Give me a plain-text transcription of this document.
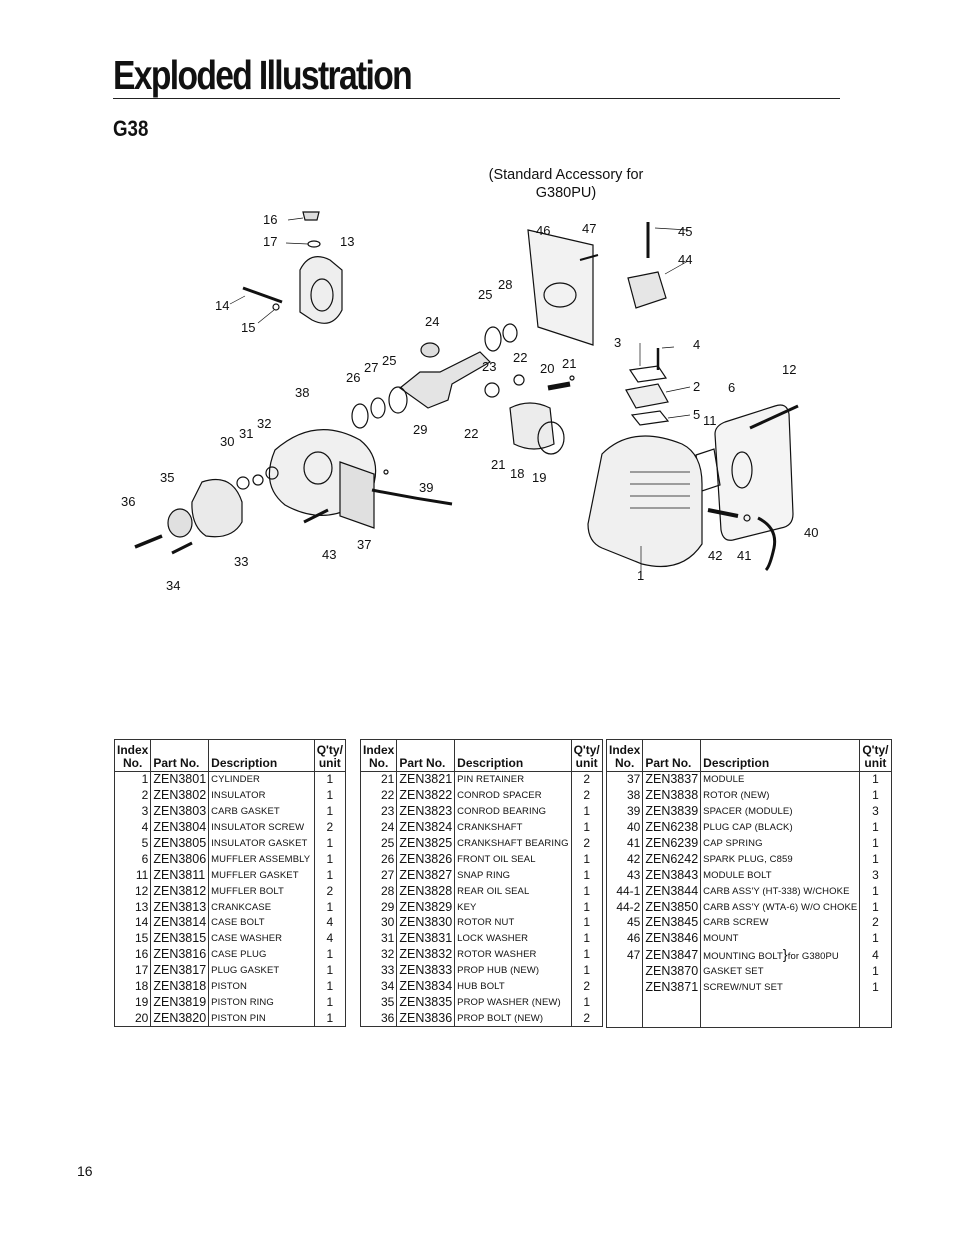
Exploded Illustration
G38
(Standard Accessory for G380PU)
16
17	13
14
15
46 47	45
44
25
28
24
22
23
3	4
2
5
6
12
11
26
27 25
20 21
38
29	22
32
31
30
35
21
18 19
36
33
34
43
37
39
1
42 41
40
Index No.	Part No.	Description	Q'ty/ unit
1	ZEN3801	CYLINDER	1
2	ZEN3802	INSULATOR	1
3	ZEN3803	CARB GASKET	1
4	ZEN3804	INSULATOR SCREW	2
5	ZEN3805	INSULATOR GASKET	1
6	ZEN3806	MUFFLER ASSEMBLY	1
11	ZEN3811	MUFFLER GASKET	1
12	ZEN3812	MUFFLER BOLT	2
13	ZEN3813	CRANKCASE	1
14	ZEN3814	CASE BOLT	4
15	ZEN3815	CASE WASHER	4
16	ZEN3816	CASE PLUG	1
17	ZEN3817	PLUG GASKET	1
18	ZEN3818	PISTON	1
19	ZEN3819	PISTON RING	1
20	ZEN3820	PISTON PIN	1
Index No.	Part No.	Description	Q'ty/ unit
21	ZEN3821	PIN RETAINER	2
22	ZEN3822	CONROD SPACER	2
23	ZEN3823	CONROD BEARING	1
24	ZEN3824	CRANKSHAFT	1
25	ZEN3825	CRANKSHAFT BEARING	2
26	ZEN3826	FRONT OIL SEAL	1
27	ZEN3827	SNAP RING	1
28	ZEN3828	REAR OIL SEAL	1
29	ZEN3829	KEY	1
30	ZEN3830	ROTOR NUT	1
31	ZEN3831	LOCK WASHER	1
32	ZEN3832	ROTOR WASHER	1
33	ZEN3833	PROP HUB (NEW)	1
34	ZEN3834	HUB BOLT	2
35	ZEN3835	PROP WASHER (NEW)	1
36	ZEN3836	PROP BOLT (NEW)	2
Index No.	Part No.	Description	Q'ty/ unit
37	ZEN3837	MODULE	1
38	ZEN3838	ROTOR (NEW)	1
39	ZEN3839	SPACER (MODULE)	3
40	ZEN6238	PLUG CAP (BLACK)	1
41	ZEN6239	CAP SPRING	1
42	ZEN6242	SPARK PLUG, C859	1
43	ZEN3843	MODULE BOLT	3
44-1	ZEN3844	CARB ASS'Y (HT-338) W/CHOKE	1
44-2	ZEN3850	CARB ASS'Y (WTA-6) W/O CHOKE	1
45	ZEN3845	CARB SCREW	2
46	ZEN3846	MOUNT	1
47	ZEN3847	MOUNTING BOLT}for G380PU	4
	ZEN3870	GASKET SET	1
	ZEN3871	SCREW/NUT SET	1

16
